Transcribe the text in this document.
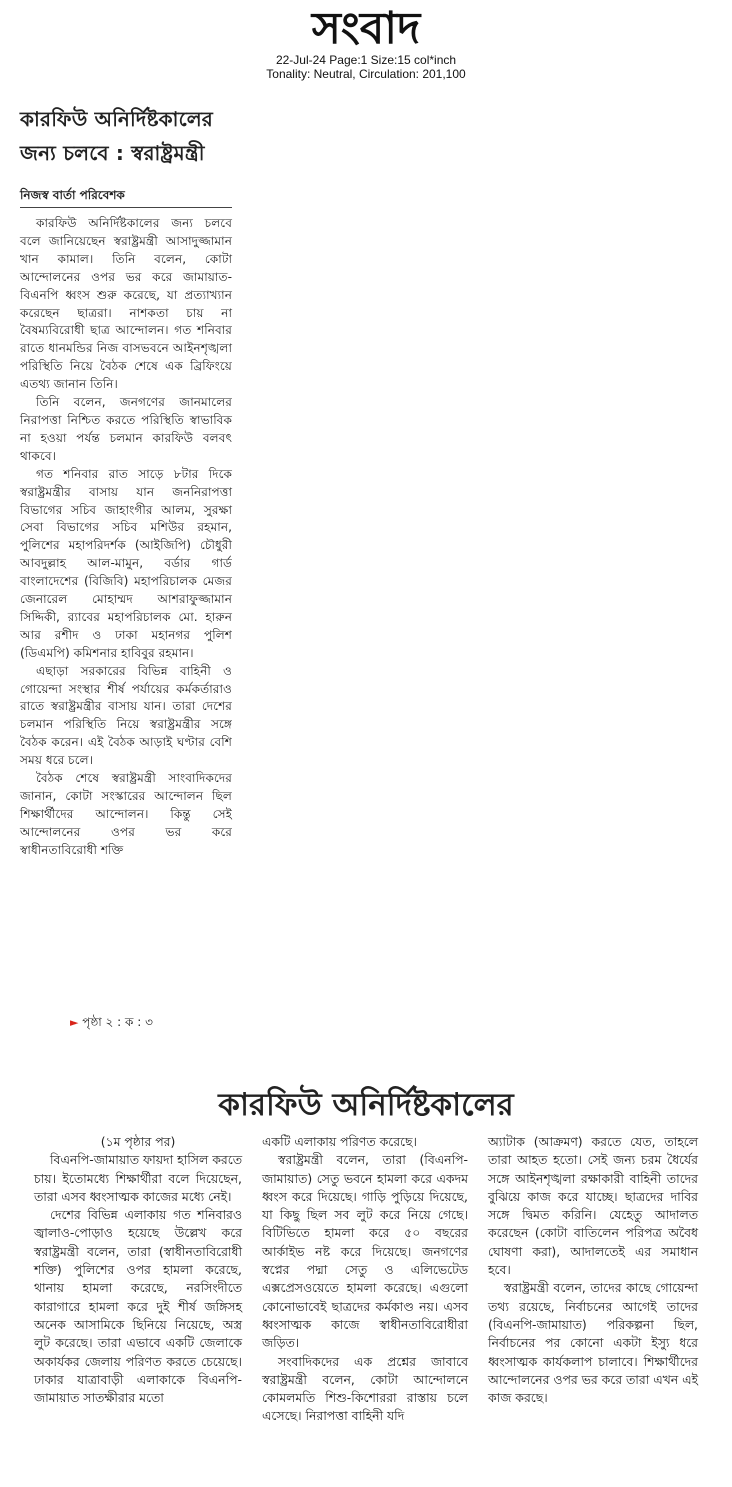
সংবাদ
22-Jul-24 Page:1 Size:15 col*inch
Tonality: Neutral, Circulation: 201,100
কারফিউ অনির্দিষ্টকালের
জন্য চলবে : স্বরাষ্ট্রমন্ত্রী
নিজস্ব বার্তা পরিবেশক

কারফিউ অনির্দিষ্টকালের জন্য চলবে বলে জানিয়েছেন স্বরাষ্ট্রমন্ত্রী আসাদুজ্জামান খান কামাল। তিনি বলেন, কোটা আন্দোলনের ওপর ভর করে জামায়াত-বিএনপি ধ্বংস শুরু করেছে, যা প্রত্যাখ্যান করেছেন ছাত্ররা। নাশকতা চায় না বৈষম্যবিরোধী ছাত্র আন্দোলন। গত শনিবার রাতে ধানমন্ডির নিজ বাসভবনে আইনশৃঙ্খলা পরিস্থিতি নিয়ে বৈঠক শেষে এক ব্রিফিংয়ে এতথ্য জানান তিনি।

তিনি বলেন, জনগণের জানমালের নিরাপত্তা নিশ্চিত করতে পরিস্থিতি স্বাভাবিক না হওয়া পর্যন্ত চলমান কারফিউ বলবৎ থাকবে।

গত শনিবার রাত সাড়ে ৮টার দিকে স্বরাষ্ট্রমন্ত্রীর বাসায় যান জননিরাপত্তা বিভাগের সচিব জাহাংগীর আলম, সুরক্ষা সেবা বিভাগের সচিব মশিউর রহমান, পুলিশের মহাপরিদর্শক (আইজিপি) চৌধুরী আবদুল্লাহ আল-মামুন, বর্ডার গার্ড বাংলাদেশের (বিজিবি) মহাপরিচালক মেজর জেনারেল মোহাম্মদ আশরাফুজ্জামান সিদ্দিকী, র‌্যাবের মহাপরিচালক মো. হারুন আর রশীদ ও ঢাকা মহানগর পুলিশ (ডিএমপি) কমিশনার হাবিবুর রহমান।

এছাড়া সরকারের বিভিন্ন বাহিনী ও গোয়েন্দা সংস্থার শীর্ষ পর্যায়ের কর্মকর্তারাও রাতে স্বরাষ্ট্রমন্ত্রীর বাসায় যান। তারা দেশের চলমান পরিস্থিতি নিয়ে স্বরাষ্ট্রমন্ত্রীর সঙ্গে বৈঠক করেন। এই বৈঠক আড়াই ঘণ্টার বেশি সময় ধরে চলে।

বৈঠক শেষে স্বরাষ্ট্রমন্ত্রী সাংবাদিকদের জানান, কোটা সংস্কারের আন্দোলন ছিল শিক্ষার্থীদের আন্দোলন। কিন্তু সেই আন্দোলনের ওপর ভর করে স্বাধীনতাবিরোধী শক্তি

► পৃষ্ঠা ২ : ক : ৩
কারফিউ অনির্দিষ্টকালের

(১ম পৃষ্ঠার পর)

বিএনপি-জামায়াত ফায়দা হাসিল করতে চায়। ইতোমধ্যে শিক্ষার্থীরা বলে দিয়েছেন, তারা এসব ধ্বংসাত্মক কাজের মধ্যে নেই।

দেশের বিভিন্ন এলাকায় গত শনিবারও জ্বালাও-পোড়াও হয়েছে উল্লেখ করে স্বরাষ্ট্রমন্ত্রী বলেন, তারা (স্বাধীনতাবিরোধী শক্তি) পুলিশের ওপর হামলা করেছে, থানায় হামলা করেছে, নরসিংদীতে কারাগারে হামলা করে দুই শীর্ষ জঙ্গিসহ অনেক আসামিকে ছিনিয়ে নিয়েছে, অস্ত্র লুট করেছে। তারা এভাবে একটি জেলাকে অকার্যকর জেলায় পরিণত করতে চেয়েছে। ঢাকার যাত্রাবাড়ী এলাকাকে বিএনপি-জামায়াত সাতক্ষীরার মতো

একটি এলাকায় পরিণত করেছে।

স্বরাষ্ট্রমন্ত্রী বলেন, তারা (বিএনপি-জামায়াত) সেতু ভবনে হামলা করে একদম ধ্বংস করে দিয়েছে। গাড়ি পুড়িয়ে দিয়েছে, যা কিছু ছিল সব লুট করে নিয়ে গেছে। বিটিভিতে হামলা করে ৫০ বছরের আর্কাইভ নষ্ট করে দিয়েছে। জনগণের স্বপ্নের পদ্মা সেতু ও এলিভেটেড এক্সপ্রেসওয়েতে হামলা করেছে। এগুলো কোনোভাবেই ছাত্রদের কর্মকাণ্ড নয়। এসব ধ্বংসাত্মক কাজে স্বাধীনতাবিরোধীরা জড়িত।

সংবাদিকদের এক প্রশ্নের জাবাবে স্বরাষ্ট্রমন্ত্রী বলেন, কোটা আন্দোলনে কোমলমতি শিশু-কিশোররা রাস্তায় চলে এসেছে। নিরাপত্তা বাহিনী যদি

অ্যাটাক (আক্রমণ) করতে যেত, তাহলে তারা আহত হতো। সেই জন্য চরম ধৈর্যের সঙ্গে আইনশৃঙ্খলা রক্ষাকারী বাহিনী তাদের বুঝিয়ে কাজ করে যাচ্ছে। ছাত্রদের দাবির সঙ্গে দ্বিমত করিনি। যেহেতু আদালত করেছেন (কোটা বাতিলেন পরিপত্র অবৈধ ঘোষণা করা), আদালতেই এর সমাধান হবে।

স্বরাষ্ট্রমন্ত্রী বলেন, তাদের কাছে গোয়েন্দা তথ্য রয়েছে, নির্বাচনের আগেই তাদের (বিএনপি-জামায়াত) পরিকল্পনা ছিল, নির্বাচনের পর কোনো একটা ইস্যু ধরে ধ্বংসাত্মক কার্যকলাপ চালাবে। শিক্ষার্থীদের আন্দোলনের ওপর ভর করে তারা এখন এই কাজ করছে।
